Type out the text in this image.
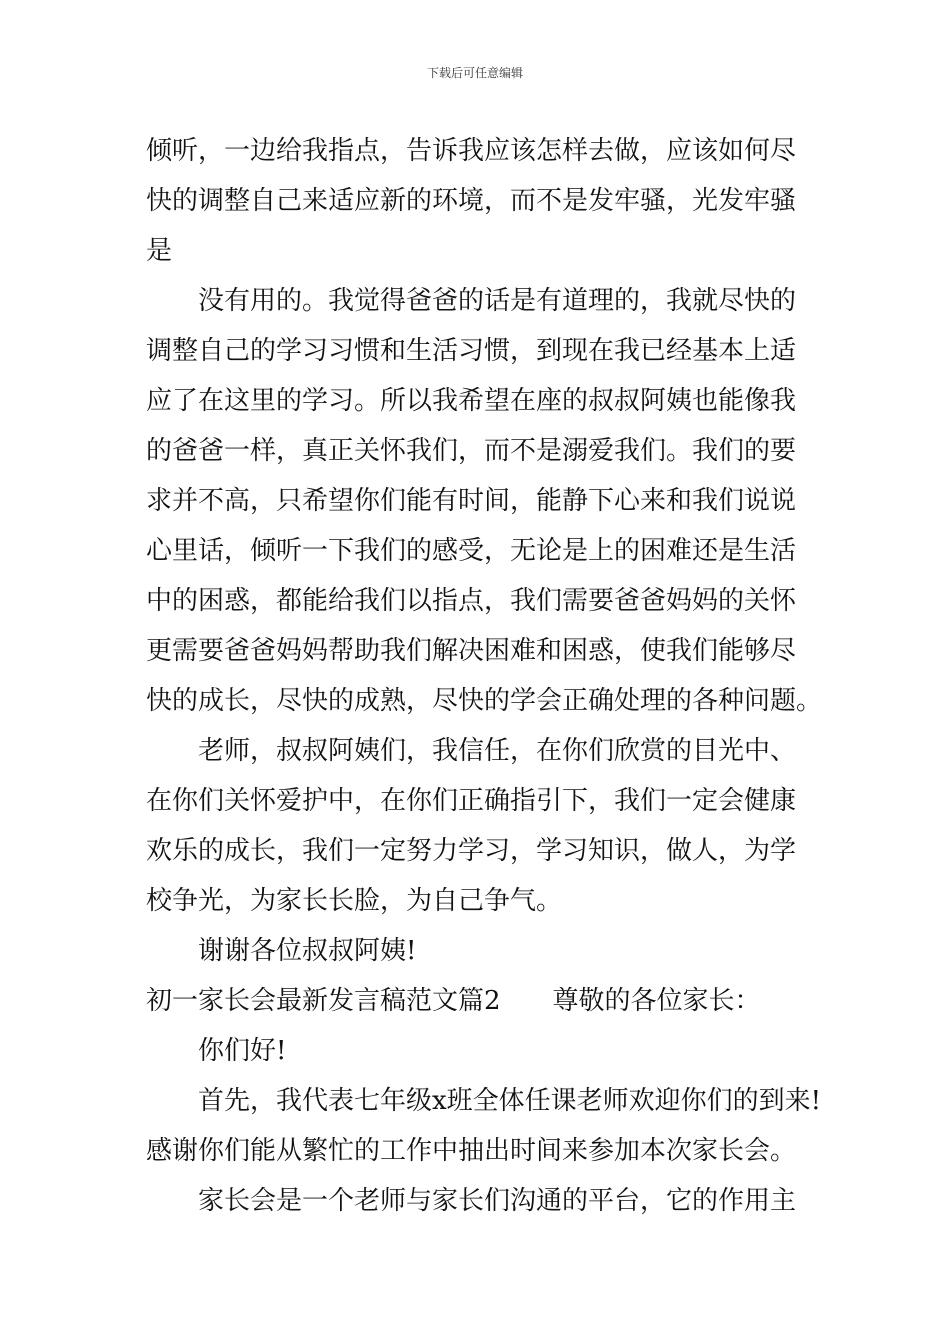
下载后可任意编辑
倾听，一边给我指点，告诉我应该怎样去做，应该如何尽
快的调整自己来适应新的环境，而不是发牢骚，光发牢骚
是
没有用的。我觉得爸爸的话是有道理的，我就尽快的
调整自己的学习习惯和生活习惯，到现在我已经基本上适
应了在这里的学习。所以我希望在座的叔叔阿姨也能像我
的爸爸一样，真正关怀我们，而不是溺爱我们。我们的要
求并不高，只希望你们能有时间，能静下心来和我们说说
心里话，倾听一下我们的感受，无论是上的困难还是生活
中的困惑，都能给我们以指点，我们需要爸爸妈妈的关怀
更需要爸爸妈妈帮助我们解决困难和困惑，使我们能够尽
快的成长，尽快的成熟，尽快的学会正确处理的各种问题。
老师，叔叔阿姨们，我信任，在你们欣赏的目光中、
在你们关怀爱护中，在你们正确指引下，我们一定会健康
欢乐的成长，我们一定努力学习，学习知识，做人，为学
校争光，为家长长脸，为自己争气。
谢谢各位叔叔阿姨!
初一家长会最新发言稿范文篇2 尊敬的各位家长：
你们好!
首先，我代表七年级x班全体任课老师欢迎你们的到来!
感谢你们能从繁忙的工作中抽出时间来参加本次家长会。
家长会是一个老师与家长们沟通的平台，它的作用主
